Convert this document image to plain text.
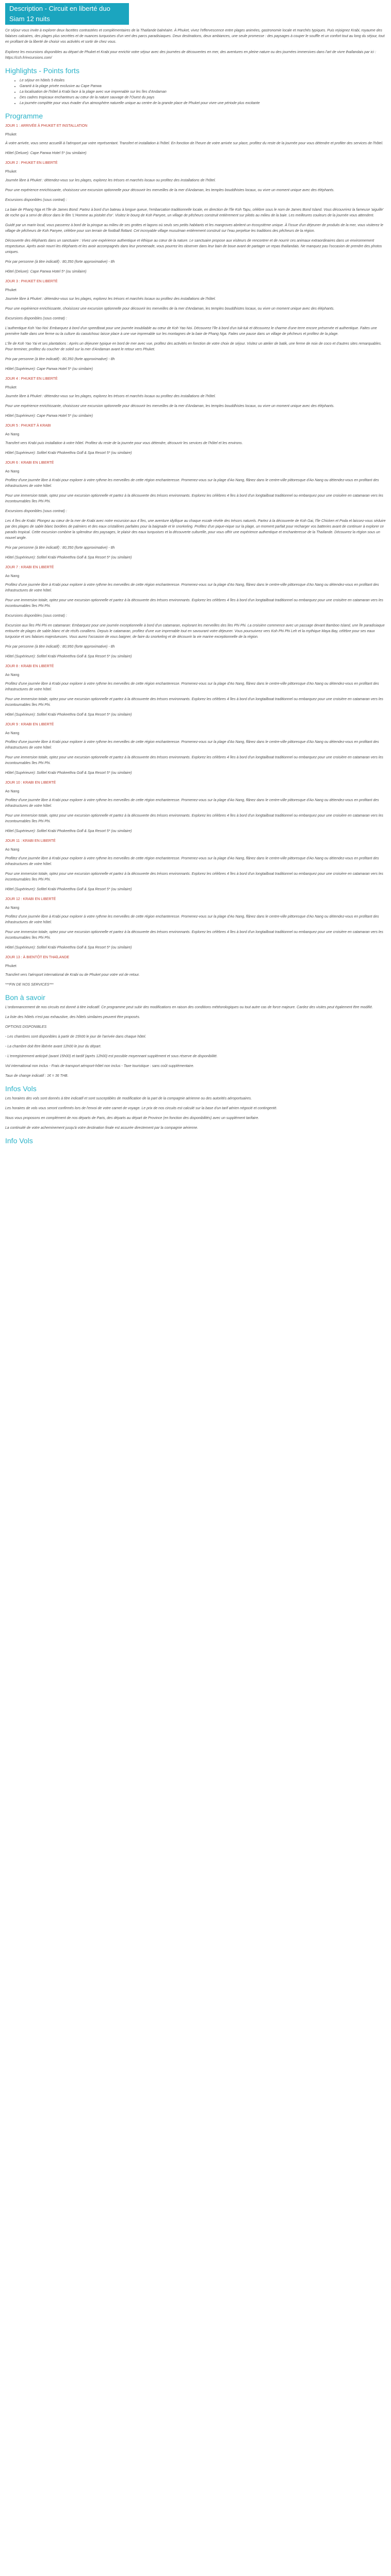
Description - Circuit en liberté duo Siam 12 nuits

Ce séjour vous invite à explorer deux facettes contrastées et complémentaires de la Thaïlande balnéaire. À Phuket, vivez l'effervescence entre plages animées, gastronomie locale et marchés typiques. Puis rejoignez Krabi, royaume des falaises calcaires, des plages plus secrètes et de nuances turquoises d'un vert des parcs paradisiaques. Deux destinations, deux ambiances, une seule promesse : des paysages à couper le souffle et un confort tout au long du séjour, tout en profitant de la liberté de choisir vos activités et sortir de chez vous.

Explorez les excursions disponibles au départ de Phuket et Krabi pour enrichir votre séjour avec des journées de découvertes en mer, des aventures en pleine nature ou des journées immersives dans l'art de vivre thaïlandais par ici : https://cch.fr/excursions.com/

Highlights - Points forts
• Le séjour en hôtels 5 étoiles
• Garanti à la plage privée exclusive au Cape Panwa
• La localisation de l'hôtel à Krabi face à la plage avec vue imprenable sur les îles d'Andaman
• Des cadres tropicaux enchanteurs au cœur de la nature sauvage de l'Ouest du pays
• La journée complète pour vous évader d'un atmosphère naturelle unique au centre de la grande place de Phuket pour vivre une période plus excitante
Programme
JOUR 1 : ARRIVÉE À PHUKET ET INSTALLATION
Phuket
À votre arrivée, vous serez accueilli à l'aéroport par votre représentant. Transfert et installation à l'hôtel. En fonction de l'heure de votre arrivée sur place, profitez du reste de la journée pour vous détendre et profiter des services de l'hôtel.
Hôtel (Deluxe): Cape Panwa Hotel 5* (ou similaire)
JOUR 2 : PHUKET EN LIBERTÉ
Phuket
Journée libre à Phuket : détendez-vous sur les plages, explorez les trésors et marchés locaux ou profitez des installations de l'hôtel.
Pour une expérience enrichissante, choisissez une excursion optionnelle pour découvrir les merveilles de la mer d'Andaman, les temples bouddhistes locaux, ou vivre un moment unique avec des éléphants.
Excursions disponibles (sous contrat) :
La baie de Phang Nga et l'île de James Bond: Partez à bord d'un bateau à longue queue, l'embarcation traditionnelle locale, en direction de l'île Koh Tapu, célèbre sous le nom de James Bond Island. Vous découvrirez la fameuse 'aiguille' de roche qui a servi de décor dans le film 'L'Homme au pistolet d'or'. Visitez le bourg de Koh Panyee, un village de pêcheurs construit entièrement sur pilotis au milieu de la baie. Les meilleures couleurs de la journée vous attendent.
Guidé par un marin local, vous passerez à bord de la pirogue au milieu de ses grottes et lagons où seuls ses petits habitants et les mangroves abritent un écosystème unique. À l'issue d'un déjeuner de produits de la mer, vous visiterez le village de pêcheurs de Koh Panyee, célèbre pour son terrain de football flottant. Cet incroyable village musulman entièrement construit sur l'eau perpétue les traditions des pêcheurs de la région.
Découverte des éléphants dans un sanctuaire : Vivez une expérience authentique et éthique au cœur de la nature. Le sanctuaire propose aux visiteurs de rencontrer et de nourrir ces animaux extraordinaires dans un environnement respectueux. Après avoir nourri les éléphants et les avoir accompagnés dans leur promenade, vous pourrez les observer dans leur bain de boue avant de partager un repas thaïlandais. Ne manquez pas l'occasion de prendre des photos uniques.
Prix par personne (à titre indicatif) : 80,350 (forte approximative) - 8h
Hôtel (Deluxe): Cape Panwa Hotel 5* (ou similaire)
JOUR 3 : PHUKET EN LIBERTÉ
Phuket
Journée libre à Phuket : détendez-vous sur les plages, explorez les trésors et marchés locaux ou profitez des installations de l'hôtel.
Pour une expérience enrichissante, choisissez une excursion optionnelle pour découvrir les merveilles de la mer d'Andaman, les temples bouddhistes locaux, ou vivre un moment unique avec des éléphants.
Excursions disponibles (sous contrat) :
L'authentique Koh Yao Noi: Embarquez à bord d'un speedboat pour une journée inoubliable au cœur de Koh Yao Noi. Découvrez l'île à bord d'un tuk-tuk et découvrez le charme d'une terre encore préservée et authentique. Faites une première halte dans une ferme ou la culture du caoutchouc laisse place à une vue imprenable sur les montagnes de la baie de Phang Nga. Faites une pause dans un village de pêcheurs et profitez de la plage.
L'île de Koh Yao Yai et ses plantations : Après un déjeuner typique en bord de mer avec vue, profitez des activités en fonction de votre choix de séjour. Visitez un atelier de batik, une ferme de noix de coco et d'autres sites remarquables. Pour terminer, profitez du coucher de soleil sur la mer d'Andaman avant le retour vers Phuket.
Prix par personne (à titre indicatif) : 80,350 (forte approximative) - 8h
Hôtel (Supérieure): Cape Panwa Hotel 5* (ou similaire)
JOUR 4 : PHUKET EN LIBERTÉ
Phuket
Journée libre à Phuket : détendez-vous sur les plages, explorez les trésors et marchés locaux ou profitez des installations de l'hôtel.
Pour une expérience enrichissante, choisissez une excursion optionnelle pour découvrir les merveilles de la mer d'Andaman, les temples bouddhistes locaux, ou vivre un moment unique avec des éléphants.
Hôtel (Supérieure): Cape Panwa Hotel 5* (ou similaire)
JOUR 5 : PHUKET À KRABI
Ao Nang
Transfert vers Krabi puis installation à votre hôtel. Profitez du reste de la journée pour vous détendre, découvrir les services de l'hôtel et les environs.
Hôtel (Supérieure): Sofitel Krabi Phokeethra Golf & Spa Resort 5* (ou similaire)
JOUR 6 : KRABI EN LIBERTÉ
Ao Nang
Profitez d'une journée libre à Krabi pour explorer à votre rythme les merveilles de cette région enchanteresse. Promenez-vous sur la plage d'Ao Nang, flânez dans le centre-ville pittoresque d'Ao Nang ou détendez-vous en profitant des infrastructures de votre hôtel.
Pour une immersion totale, optez pour une excursion optionnelle et partez à la découverte des trésors environnants. Explorez les célèbres 4 îles à bord d'un longtailboat traditionnel ou embarquez pour une croisière en catamaran vers les incontournables îles Phi Phi.
Excursions disponibles (sous contrat) :
Les 4 îles de Krabi: Plongez au cœur de la mer de Krabi avec notre excursion aux 4 îles, une aventure idyllique au chaque escale révèle des trésors naturels. Partez à la découverte de Koh Gai, l'île Chicken et Poda et laissez-vous séduire par des plages de sable blanc bordées de palmiers et des eaux cristallines parfaites pour la baignade et le snorkeling. Profitez d'un pique-nique sur la plage, un moment parfait pour recharger vos batteries avant de continuer à explorer ce paradis tropical. Cette excursion combine la splendeur des paysages, le plaisir des eaux turquoises et la découverte culturelle, pour vous offrir une expérience authentique et enchanteresse de la Thaïlande. Découvrez la région sous un nouvel angle.
Prix par personne (à titre indicatif) : 80,350 (forte approximative) - 8h
Hôtel (Supérieure): Sofitel Krabi Phokeethra Golf & Spa Resort 5* (ou similaire)
JOUR 7 : KRABI EN LIBERTÉ
Ao Nang
Profitez d'une journée libre à Krabi pour explorer à votre rythme les merveilles de cette région enchanteresse. Promenez-vous sur la plage d'Ao Nang, flânez dans le centre-ville pittoresque d'Ao Nang ou détendez-vous en profitant des infrastructures de votre hôtel.
Pour une immersion totale, optez pour une excursion optionnelle et partez à la découverte des trésors environnants. Explorez les célèbres 4 îles à bord d'un longtailboat traditionnel ou embarquez pour une croisière en catamaran vers les incontournables îles Phi Phi.
Excursions disponibles (sous contrat) :
Excursion aux îles Phi Phi en catamaran: Embarquez pour une journée exceptionnelle à bord d'un catamaran, explorant les merveilles des îles Phi Phi. La croisière commence avec un passage devant Bamboo Island, une île paradisiaque entourée de plages de sable blanc et de récifs coralliens. Depuis le catamaran, profitez d'une vue imprenable tout en savourant votre déjeuner. Vous poursuivrez vers Koh Phi Phi Leh et la mythique Maya Bay, célèbre pour ses eaux turquoise et ses falaises majestueuses. Vous aurez l'occasion de vous baigner, de faire du snorkeling et de découvrir la vie marine exceptionnelle de la région.
Prix par personne (à titre indicatif) : 80,950 (forte approximative) - 8h
Hôtel (Supérieure): Sofitel Krabi Phokeethra Golf & Spa Resort 5* (ou similaire)
JOUR 8 : KRABI EN LIBERTÉ
Ao Nang
Profitez d'une journée libre à Krabi pour explorer à votre rythme les merveilles de cette région enchanteresse. Promenez-vous sur la plage d'Ao Nang, flânez dans le centre-ville pittoresque d'Ao Nang ou détendez-vous en profitant des infrastructures de votre hôtel.
Pour une immersion totale, optez pour une excursion optionnelle et partez à la découverte des trésors environnants. Explorez les célèbres 4 îles à bord d'un longtailboat traditionnel ou embarquez pour une croisière en catamaran vers les incontournables îles Phi Phi.
Hôtel (Supérieure): Sofitel Krabi Phokeethra Golf & Spa Resort 5* (ou similaire)
JOUR 9 : KRABI EN LIBERTÉ
Ao Nang
Profitez d'une journée libre à Krabi pour explorer à votre rythme les merveilles de cette région enchanteresse. Promenez-vous sur la plage d'Ao Nang, flânez dans le centre-ville pittoresque d'Ao Nang ou détendez-vous en profitant des infrastructures de votre hôtel.
Pour une immersion totale, optez pour une excursion optionnelle et partez à la découverte des trésors environnants. Explorez les célèbres 4 îles à bord d'un longtailboat traditionnel ou embarquez pour une croisière en catamaran vers les incontournables îles Phi Phi.
Hôtel (Supérieure): Sofitel Krabi Phokeethra Golf & Spa Resort 5* (ou similaire)
JOUR 10 : KRABI EN LIBERTÉ
Ao Nang
Profitez d'une journée libre à Krabi pour explorer à votre rythme les merveilles de cette région enchanteresse. Promenez-vous sur la plage d'Ao Nang, flânez dans le centre-ville pittoresque d'Ao Nang ou détendez-vous en profitant des infrastructures de votre hôtel.
Pour une immersion totale, optez pour une excursion optionnelle et partez à la découverte des trésors environnants. Explorez les célèbres 4 îles à bord d'un longtailboat traditionnel ou embarquez pour une croisière en catamaran vers les incontournables îles Phi Phi.
Hôtel (Supérieure): Sofitel Krabi Phokeethra Golf & Spa Resort 5* (ou similaire)
JOUR 11 : KRABI EN LIBERTÉ
Ao Nang
Profitez d'une journée libre à Krabi pour explorer à votre rythme les merveilles de cette région enchanteresse. Promenez-vous sur la plage d'Ao Nang, flânez dans le centre-ville pittoresque d'Ao Nang ou détendez-vous en profitant des infrastructures de votre hôtel.
Pour une immersion totale, optez pour une excursion optionnelle et partez à la découverte des trésors environnants. Explorez les célèbres 4 îles à bord d'un longtailboat traditionnel ou embarquez pour une croisière en catamaran vers les incontournables îles Phi Phi.
Hôtel (Supérieure): Sofitel Krabi Phokeethra Golf & Spa Resort 5* (ou similaire)
JOUR 12 : KRABI EN LIBERTÉ
Ao Nang
Profitez d'une journée libre à Krabi pour explorer à votre rythme les merveilles de cette région enchanteresse. Promenez-vous sur la plage d'Ao Nang, flânez dans le centre-ville pittoresque d'Ao Nang ou détendez-vous en profitant des infrastructures de votre hôtel.
Pour une immersion totale, optez pour une excursion optionnelle et partez à la découverte des trésors environnants. Explorez les célèbres 4 îles à bord d'un longtailboat traditionnel ou embarquez pour une croisière en catamaran vers les incontournables îles Phi Phi.
Hôtel (Supérieure): Sofitel Krabi Phokeethra Golf & Spa Resort 5* (ou similaire)
JOUR 13 : À BIENTÔT EN THAÏLANDE
Phuket
Transfert vers l'aéroport international de Krabi ou de Phuket pour votre vol de retour.
***FIN DE NOS SERVICES***
Bon à savoir
L'ordonnancement de nos circuits est donné à titre indicatif. Ce programme peut subir des modifications en raison des conditions météorologiques ou tout autre cas de force majeure. Cardez des visites peut également être modifié.
La liste des hôtels n'est pas exhaustive, des hôtels similaires peuvent être proposés.
OPTIONS DISPONIBLES
- Les chambres sont disponibles à partir de 15h00 le jour de l'arrivée dans chaque hôtel.
- La chambre doit être libérée avant 12h00 le jour du départ.
- L'enregistrement anticipé (avant 15h00) et tardif (après 12h00) est possible moyennant supplément et sous réserve de disponibilité.
Vol international non inclus - Frais de transport aéroport-hôtel non inclus - Taxe touristique : sans coût supplémentaire.
Taux de change indicatif : 1€ = 36 THB.
Infos Vols
Les horaires des vols sont donnés à titre indicatif et sont susceptibles de modification de la part de la compagnie aérienne ou des autorités aéroportuaires.
Les horaires de vols vous seront confirmés lors de l'envoi de votre carnet de voyage. Le prix de nos circuits est calculé sur la base d'un tarif aérien négocié et contingenté.
Nous vous proposons en complément de nos départs de Paris, des départs au départ de Province (en fonction des disponibilités) avec un supplément tarifaire.
La continuité de votre acheminement jusqu'à votre destination finale est assurée directement par la compagnie aérienne.
Info Vols
